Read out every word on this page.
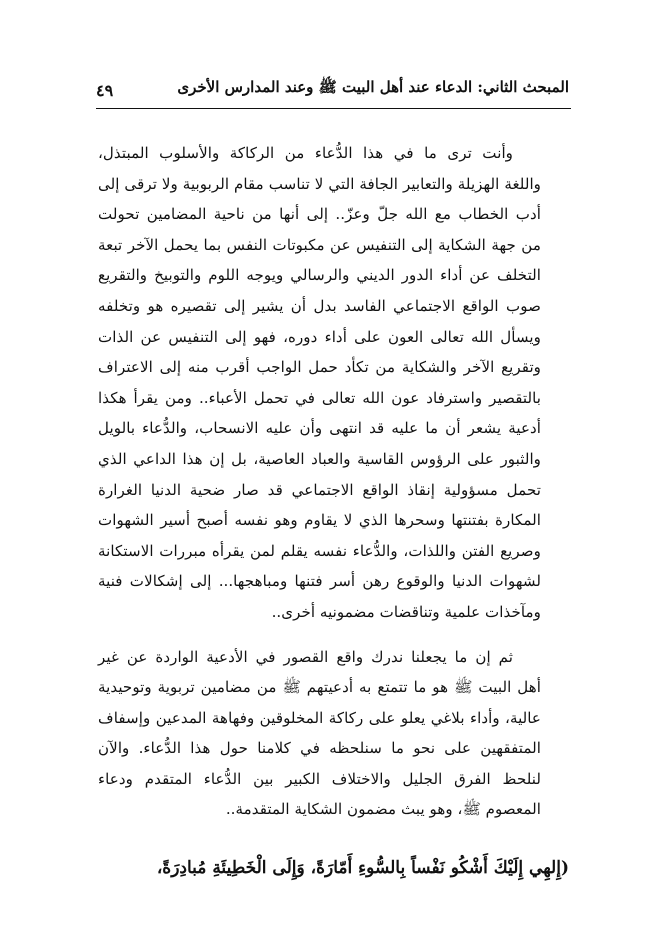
المبحث الثاني: الدعاء عند أهل البيت ﷺ وعند المدارس الأخرى
٤٩
وأنت ترى ما في هذا الدُّعاء من الركاكة والأسلوب المبتذل،
واللغة الهزيلة والتعابير الجافة التي لا تناسب مقام الربوبية ولا ترقى إلى
أدب الخطاب مع الله جلّ وعزّ.. إلى أنها من ناحية المضامين تحولت
من جهة الشكاية إلى التنفيس عن مكبوتات النفس بما يحمل الآخر تبعة
التخلف عن أداء الدور الديني والرسالي ويوجه اللوم والتوبيخ والتقريع
صوب الواقع الاجتماعي الفاسد بدل أن يشير إلى تقصيره هو وتخلفه
ويسأل الله تعالى العون على أداء دوره، فهو إلى التنفيس عن الذات
وتقريع الآخر والشكاية من تكأد حمل الواجب أقرب منه إلى الاعتراف
بالتقصير واسترفاد عون الله تعالى في تحمل الأعباء.. ومن يقرأ هكذا
أدعية يشعر أن ما عليه قد انتهى وأن عليه الانسحاب، والدُّعاء بالويل
والثبور على الرؤوس القاسية والعباد العاصية، بل إن هذا الداعي الذي
تحمل مسؤولية إنقاذ الواقع الاجتماعي قد صار ضحية الدنيا الغرارة
المكارة بفتنتها وسحرها الذي لا يقاوم وهو نفسه أصبح أسير الشهوات
وصريع الفتن واللذات، والدُّعاء نفسه يقلم لمن يقرأه مبررات الاستكانة
لشهوات الدنيا والوقوع رهن أسر فتنها ومباهجها... إلى إشكالات فنية
ومآخذات علمية وتناقضات مضمونيه أخرى..
ثم إن ما يجعلنا ندرك واقع القصور في الأدعية الواردة عن غير
أهل البيت ﷺ هو ما تتمتع به أدعيتهم ﷺ من مضامين تربوية وتوحيدية
عالية، وأداء بلاغي يعلو على ركاكة المخلوقين وفهاهة المدعين وإسفاف
المتفقهين على نحو ما سنلحظه في كلامنا حول هذا الدُّعاء. والآن
لنلحظ الفرق الجليل والاختلاف الكبير بين الدُّعاء المتقدم ودعاء
المعصوم ﷺ، وهو يبث مضمون الشكاية المتقدمة..
(إِلهِي إِلَيْكَ أَشْكُو نَفْساً بِالسُّوءِ أَمّارَةً، وَإِلَى الْخَطِيئَةِ مُبادِرَةً،
